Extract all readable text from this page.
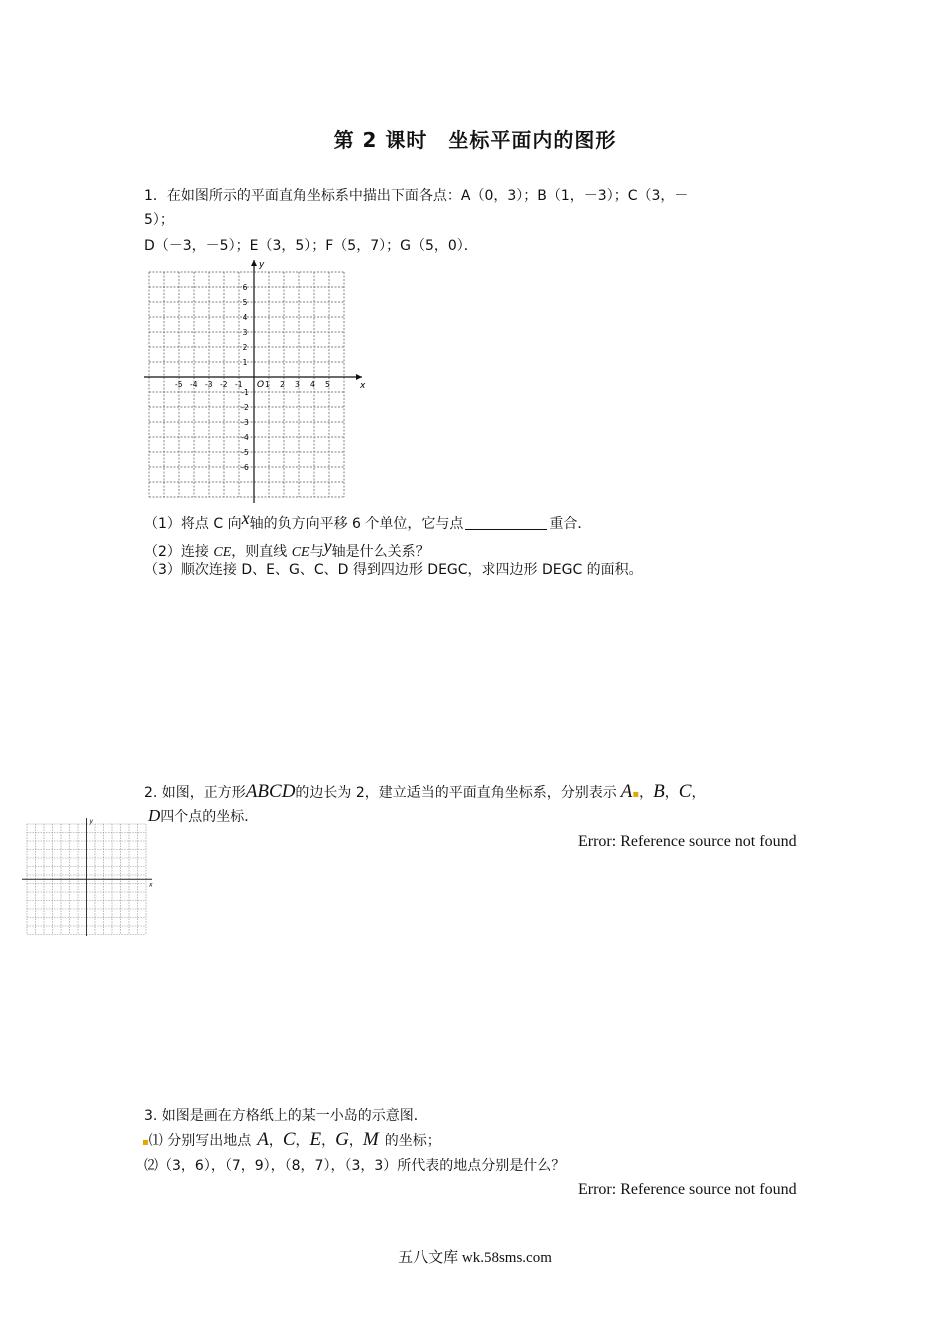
第 2 课时　坐标平面内的图形
1．在如图所示的平面直角坐标系中描出下面各点：A（0，3）；B（1，－3）；C（3，－
5）；
D（－3，－5）；E（3，5）；F（5，7）；G（5，0）．
x
y
O
-5 -4 -3 -2 -1	1 2 3 4 5
6
5
4
3
2
1
-1
-2
-3
-4
-5
-6
（1）将点 C 向x轴的负方向平移 6 个单位，它与点	重合．
（2）连接 CE，则直线 CE与y轴是什么关系？
（3）顺次连接 D、E、G、C、D 得到四边形 DEGC，求四边形 DEGC 的面积。
2. 如图，正方形ABCD的边长为 2，建立适当的平面直角坐标系，分别表示 A▪，B，C，
D四个点的坐标．
Error: Reference source not found
x
y
3. 如图是画在方格纸上的某一小岛的示意图．
▪⑴ 分别写出地点 A，C，E，G，M 的坐标；
⑵（3，6），（7，9），（8，7），（3，3）所代表的地点分别是什么？
Error: Reference source not found
五八文库 wk.58sms.com
